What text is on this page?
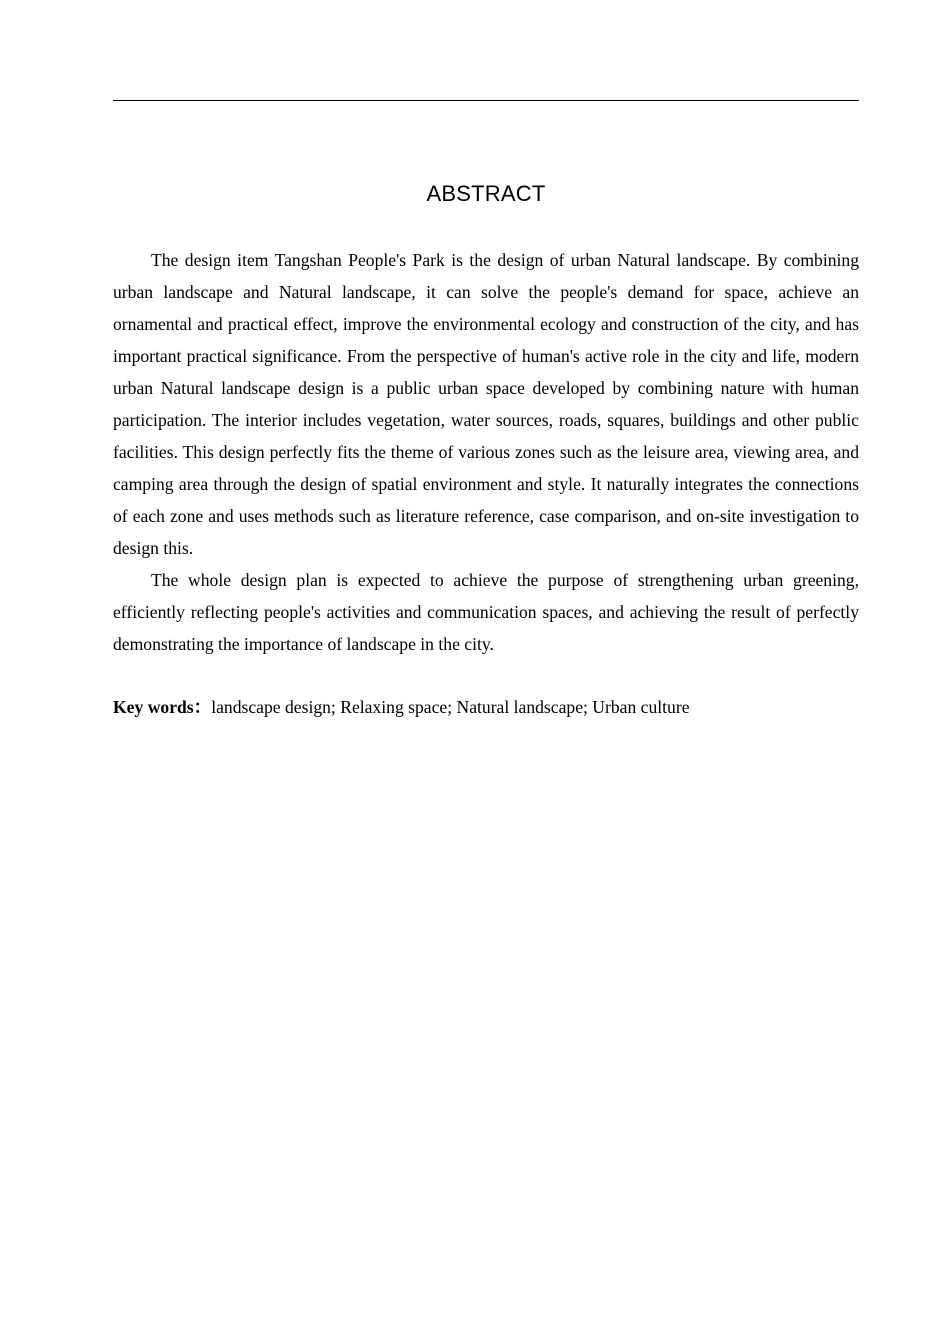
ABSTRACT

The design item Tangshan People's Park is the design of urban Natural landscape. By combining urban landscape and Natural landscape, it can solve the people's demand for space, achieve an ornamental and practical effect, improve the environmental ecology and construction of the city, and has important practical significance. From the perspective of human's active role in the city and life, modern urban Natural landscape design is a public urban space developed by combining nature with human participation. The interior includes vegetation, water sources, roads, squares, buildings and other public facilities. This design perfectly fits the theme of various zones such as the leisure area, viewing area, and camping area through the design of spatial environment and style. It naturally integrates the connections of each zone and uses methods such as literature reference, case comparison, and on-site investigation to design this.

The whole design plan is expected to achieve the purpose of strengthening urban greening, efficiently reflecting people's activities and communication spaces, and achieving the result of perfectly demonstrating the importance of landscape in the city.

Key words：landscape design; Relaxing space; Natural landscape; Urban culture
